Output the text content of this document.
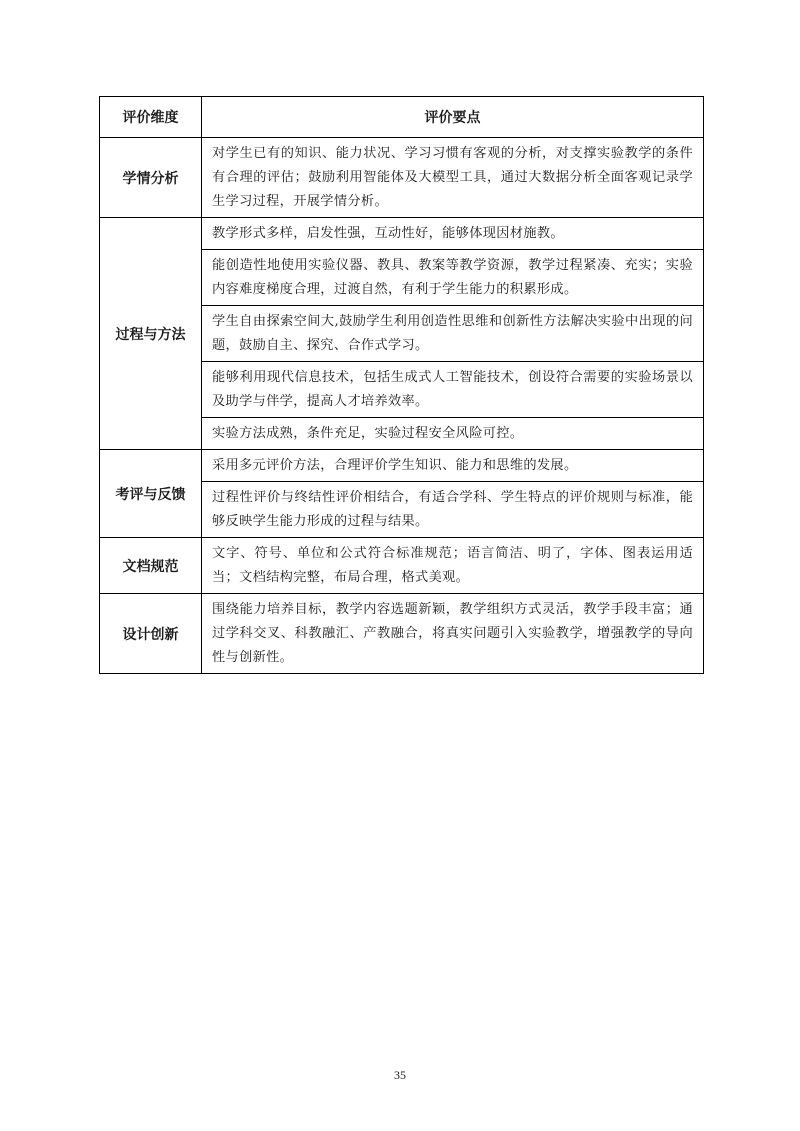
评价维度	评价要点
学情分析	对学生已有的知识、能力状况、学习习惯有客观的分析，对支撑实验教学的条件有合理的评估；鼓励利用智能体及大模型工具，通过大数据分析全面客观记录学生学习过程，开展学情分析。
过程与方法	教学形式多样，启发性强，互动性好，能够体现因材施教。
	能创造性地使用实验仪器、教具、教案等教学资源，教学过程紧凑、充实；实验内容难度梯度合理，过渡自然，有利于学生能力的积累形成。
	学生自由探索空间大,鼓励学生利用创造性思维和创新性方法解决实验中出现的问题，鼓励自主、探究、合作式学习。
	能够利用现代信息技术，包括生成式人工智能技术，创设符合需要的实验场景以及助学与伴学，提高人才培养效率。
	实验方法成熟，条件充足，实验过程安全风险可控。
考评与反馈	采用多元评价方法，合理评价学生知识、能力和思维的发展。
	过程性评价与终结性评价相结合，有适合学科、学生特点的评价规则与标准，能够反映学生能力形成的过程与结果。
文档规范	文字、符号、单位和公式符合标准规范；语言简洁、明了，字体、图表运用适当；文档结构完整，布局合理，格式美观。
设计创新	围绕能力培养目标，教学内容选题新颖，教学组织方式灵活，教学手段丰富；通过学科交叉、科教融汇、产教融合，将真实问题引入实验教学，增强教学的导向性与创新性。
35
